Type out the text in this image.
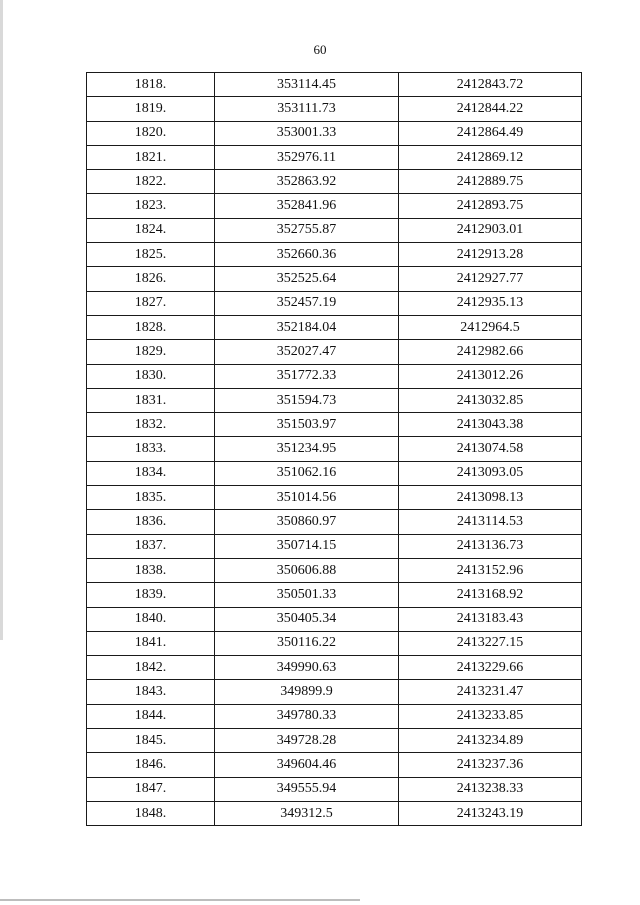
60
1818.	353114.45	2412843.72
1819.	353111.73	2412844.22
1820.	353001.33	2412864.49
1821.	352976.11	2412869.12
1822.	352863.92	2412889.75
1823.	352841.96	2412893.75
1824.	352755.87	2412903.01
1825.	352660.36	2412913.28
1826.	352525.64	2412927.77
1827.	352457.19	2412935.13
1828.	352184.04	2412964.5
1829.	352027.47	2412982.66
1830.	351772.33	2413012.26
1831.	351594.73	2413032.85
1832.	351503.97	2413043.38
1833.	351234.95	2413074.58
1834.	351062.16	2413093.05
1835.	351014.56	2413098.13
1836.	350860.97	2413114.53
1837.	350714.15	2413136.73
1838.	350606.88	2413152.96
1839.	350501.33	2413168.92
1840.	350405.34	2413183.43
1841.	350116.22	2413227.15
1842.	349990.63	2413229.66
1843.	349899.9	2413231.47
1844.	349780.33	2413233.85
1845.	349728.28	2413234.89
1846.	349604.46	2413237.36
1847.	349555.94	2413238.33
1848.	349312.5	2413243.19
